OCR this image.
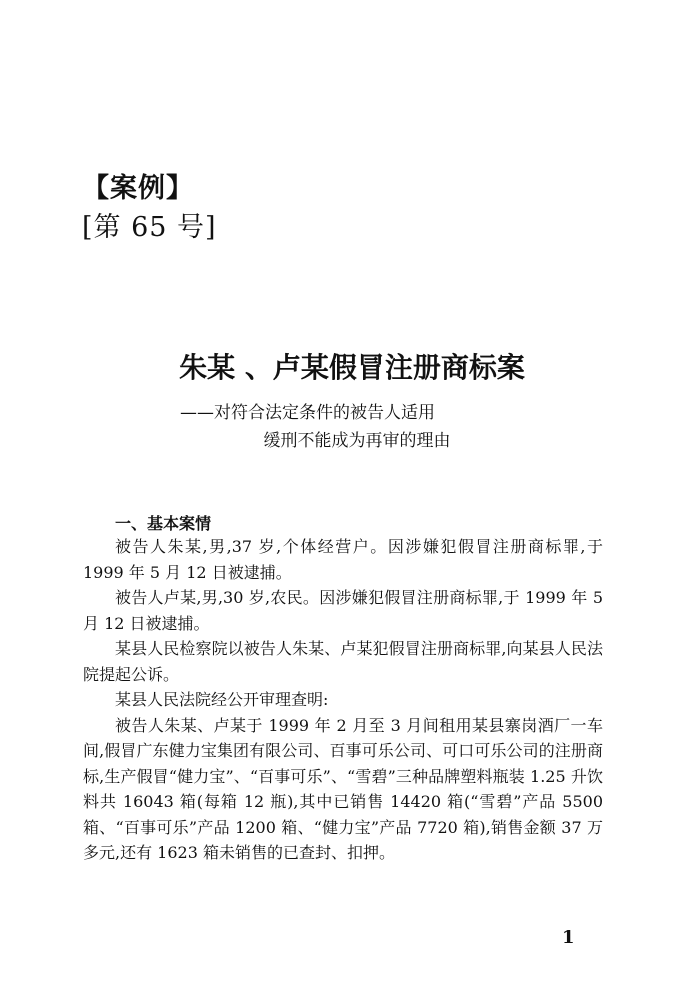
【案例】
[第 65 号]
朱某 、卢某假冒注册商标案
——对符合法定条件的被告人适用
缓刑不能成为再审的理由
一、基本案情

被告人朱某,男,37 岁,个体经营户。因涉嫌犯假冒注册商标罪,于 1999 年 5 月 12 日被逮捕。

被告人卢某,男,30 岁,农民。因涉嫌犯假冒注册商标罪,于 1999 年 5 月 12 日被逮捕。

某县人民检察院以被告人朱某、卢某犯假冒注册商标罪,向某县人民法院提起公诉。

某县人民法院经公开审理查明:

被告人朱某、卢某于 1999 年 2 月至 3 月间租用某县寨岗酒厂一车间,假冒广东健力宝集团有限公司、百事可乐公司、可口可乐公司的注册商标,生产假冒“健力宝”、“百事可乐”、“雪碧”三种品牌塑料瓶装 1.25 升饮料共 16043 箱(每箱 12 瓶),其中已销售 14420 箱(“雪碧”产品 5500 箱、“百事可乐”产品 1200 箱、“健力宝”产品 7720 箱),销售金额 37 万多元,还有 1623 箱未销售的已查封、扣押。

1
